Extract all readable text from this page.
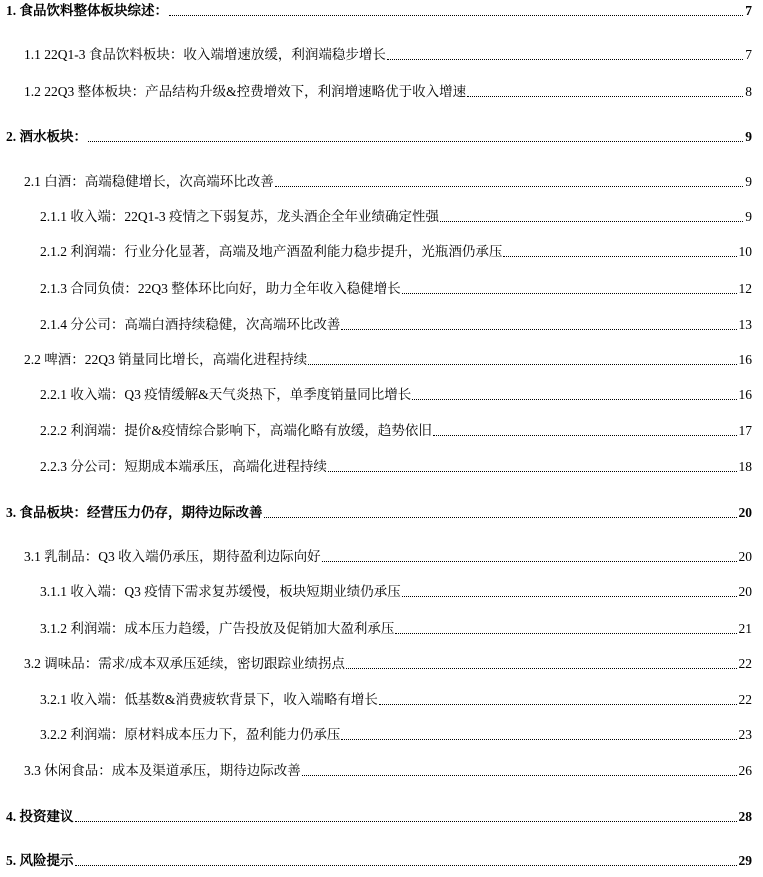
1. 食品饮料整体板块综述：	7
1.1 22Q1-3 食品饮料板块：收入端增速放缓，利润端稳步增长	7
1.2 22Q3 整体板块：产品结构升级&控费增效下，利润增速略优于收入增速	8
2. 酒水板块：	9
2.1 白酒：高端稳健增长，次高端环比改善	9
2.1.1 收入端：22Q1-3 疫情之下弱复苏，龙头酒企全年业绩确定性强	9
2.1.2 利润端：行业分化显著，高端及地产酒盈利能力稳步提升，光瓶酒仍承压	10
2.1.3 合同负债：22Q3 整体环比向好，助力全年收入稳健增长	12
2.1.4 分公司：高端白酒持续稳健，次高端环比改善	13
2.2 啤酒：22Q3 销量同比增长，高端化进程持续	16
2.2.1 收入端：Q3 疫情缓解&天气炎热下，单季度销量同比增长	16
2.2.2 利润端：提价&疫情综合影响下，高端化略有放缓，趋势依旧	17
2.2.3 分公司：短期成本端承压，高端化进程持续	18
3. 食品板块：经营压力仍存，期待边际改善	20
3.1 乳制品：Q3 收入端仍承压，期待盈利边际向好	20
3.1.1 收入端：Q3 疫情下需求复苏缓慢，板块短期业绩仍承压	20
3.1.2 利润端：成本压力趋缓，广告投放及促销加大盈利承压	21
3.2 调味品：需求/成本双承压延续，密切跟踪业绩拐点	22
3.2.1 收入端：低基数&消费疲软背景下，收入端略有增长	22
3.2.2 利润端：原材料成本压力下，盈利能力仍承压	23
3.3 休闲食品：成本及渠道承压，期待边际改善	26
4. 投资建议	28
5. 风险提示	29
